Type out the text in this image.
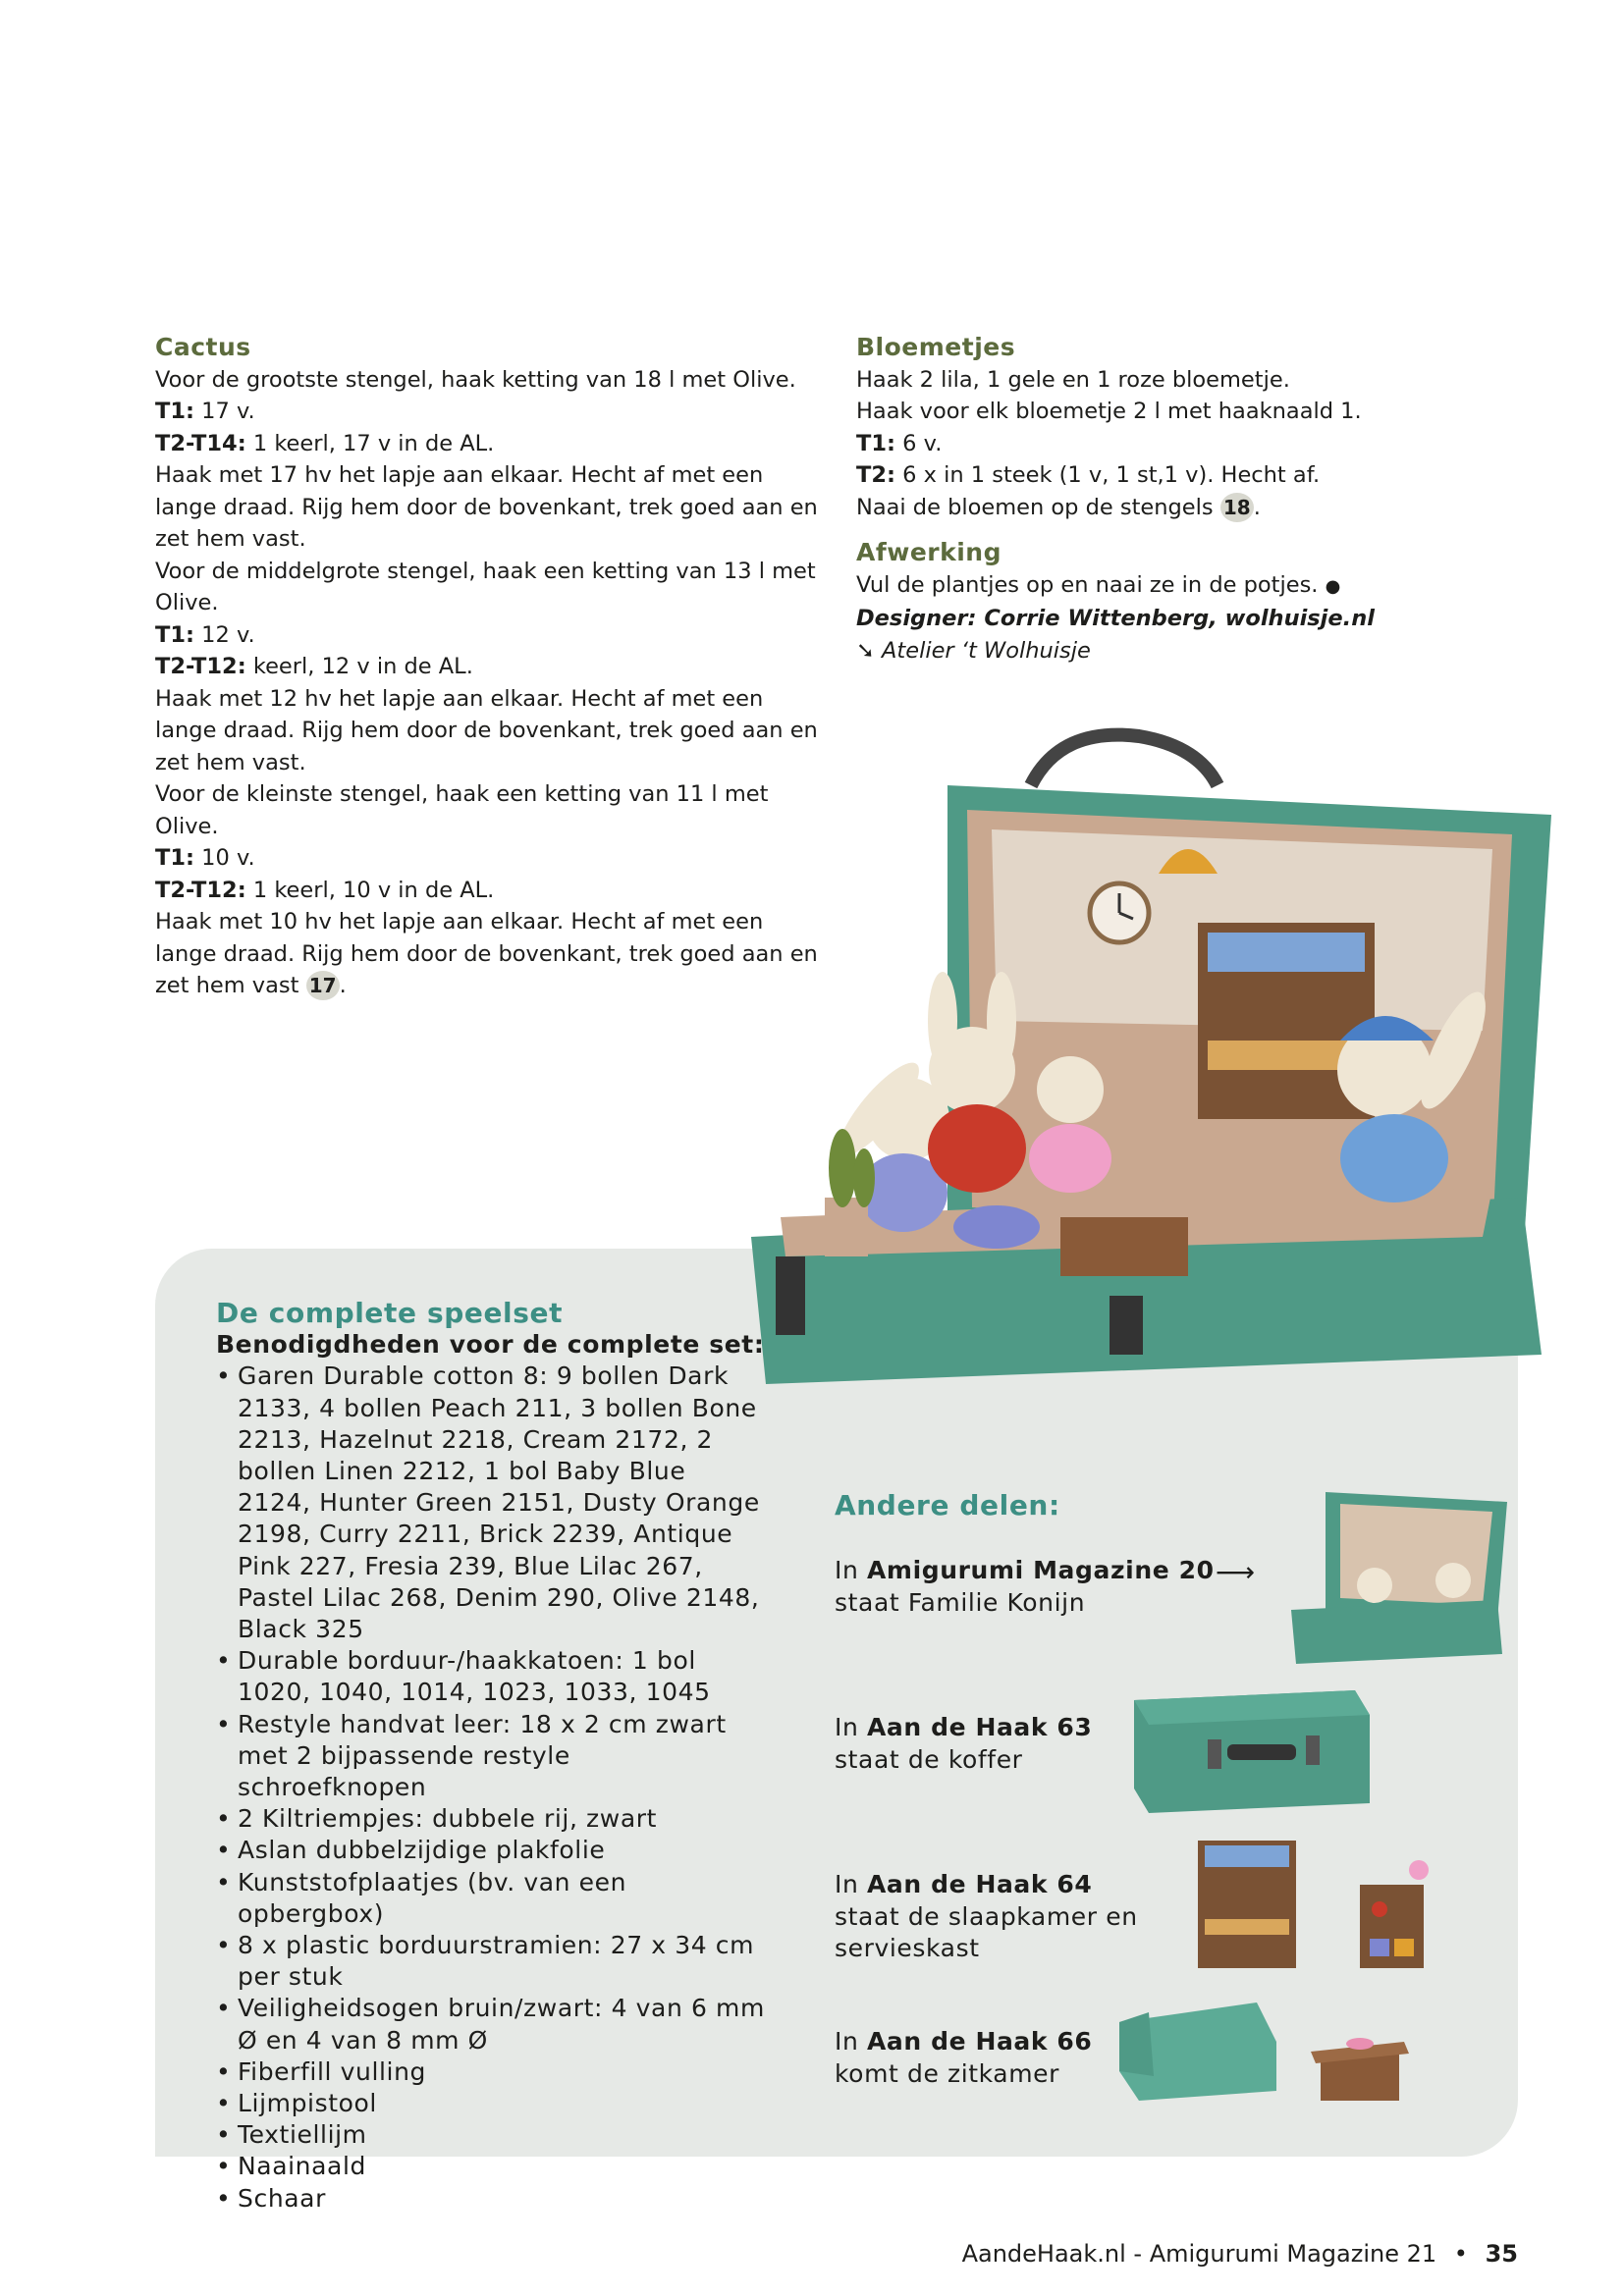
Cactus
Voor de grootste stengel, haak ketting van 18 l met Olive.
T1: 17 v.
T2-T14: 1 keerl, 17 v in de AL.
Haak met 17 hv het lapje aan elkaar. Hecht af met een lange draad. Rijg hem door de bovenkant, trek goed aan en zet hem vast.
Voor de middelgrote stengel, haak een ketting van 13 l met Olive.
T1: 12 v.
T2-T12: keerl, 12 v in de AL.
Haak met 12 hv het lapje aan elkaar. Hecht af met een lange draad. Rijg hem door de bovenkant, trek goed aan en zet hem vast.
Voor de kleinste stengel, haak een ketting van 11 l met Olive.
T1: 10 v.
T2-T12: 1 keerl, 10 v in de AL.
Haak met 10 hv het lapje aan elkaar. Hecht af met een lange draad. Rijg hem door de bovenkant, trek goed aan en zet hem vast 17 .
Bloemetjes
Haak 2 lila, 1 gele en 1 roze bloemetje.
Haak voor elk bloemetje 2 l met haaknaald 1.
T1: 6 v.
T2: 6 x in 1 steek (1 v, 1 st,1 v). Hecht af.
Naai de bloemen op de stengels 18 .
Afwerking
Vul de plantjes op en naai ze in de potjes. ●
Designer: Corrie Wittenberg, wolhuisje.nl
➘ Atelier ‘t Wolhuisje
De complete speelset
Benodigdheden voor de complete set:
• Garen Durable cotton 8: 9 bollen Dark 2133, 4 bollen Peach 211, 3 bollen Bone 2213, Hazelnut 2218, Cream 2172, 2 bollen Linen 2212, 1 bol Baby Blue 2124, Hunter Green 2151, Dusty Orange 2198, Curry 2211, Brick 2239, Antique Pink 227, Fresia 239, Blue Lilac 267, Pastel Lilac 268, Denim 290, Olive 2148, Black 325
• Durable borduur-/haakkatoen: 1 bol 1020, 1040, 1014, 1023, 1033, 1045
• Restyle handvat leer: 18 x 2 cm zwart met 2 bijpassende restyle schroefknopen
• 2 Kiltriempjes: dubbele rij, zwart
• Aslan dubbelzijdige plakfolie
• Kunststofplaatjes (bv. van een opbergbox)
• 8 x plastic borduurstramien: 27 x 34 cm per stuk
• Veiligheidsogen bruin/zwart: 4 van 6 mm Ø en 4 van 8 mm Ø
• Fiberfill vulling
• Lijmpistool
• Textiellijm
• Naainaald
• Schaar
Andere delen:
In Amigurumi Magazine 20 ⟶
staat Familie Konijn
In Aan de Haak 63
staat de koffer
In Aan de Haak 64
staat de slaapkamer en servieskast
In Aan de Haak 66
komt de zitkamer
AandeHaak.nl - Amigurumi Magazine 21 • 35
